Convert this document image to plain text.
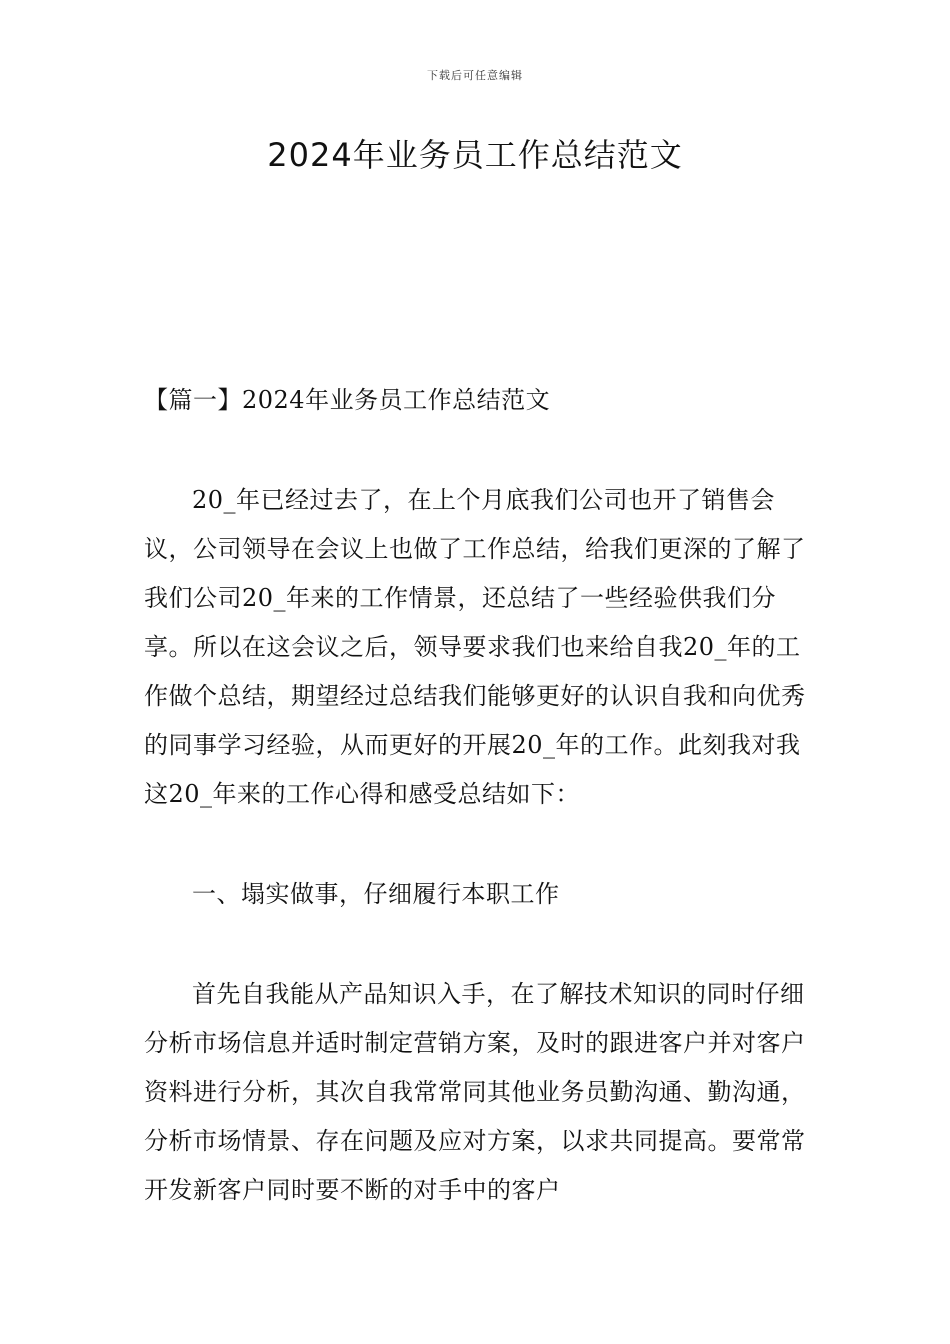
下载后可任意编辑
2024年业务员工作总结范文
【篇一】2024年业务员工作总结范文

20_年已经过去了，在上个月底我们公司也开了销售会议，公司领导在会议上也做了工作总结，给我们更深的了解了我们公司20_年来的工作情景，还总结了一些经验供我们分享。所以在这会议之后，领导要求我们也来给自我20_年的工作做个总结，期望经过总结我们能够更好的认识自我和向优秀的同事学习经验，从而更好的开展20_年的工作。此刻我对我这20_年来的工作心得和感受总结如下：

一、塌实做事，仔细履行本职工作

首先自我能从产品知识入手，在了解技术知识的同时仔细分析市场信息并适时制定营销方案，及时的跟进客户并对客户资料进行分析，其次自我常常同其他业务员勤沟通、勤沟通，分析市场情景、存在问题及应对方案，以求共同提高。要常常开发新客户同时要不断的对手中的客户
